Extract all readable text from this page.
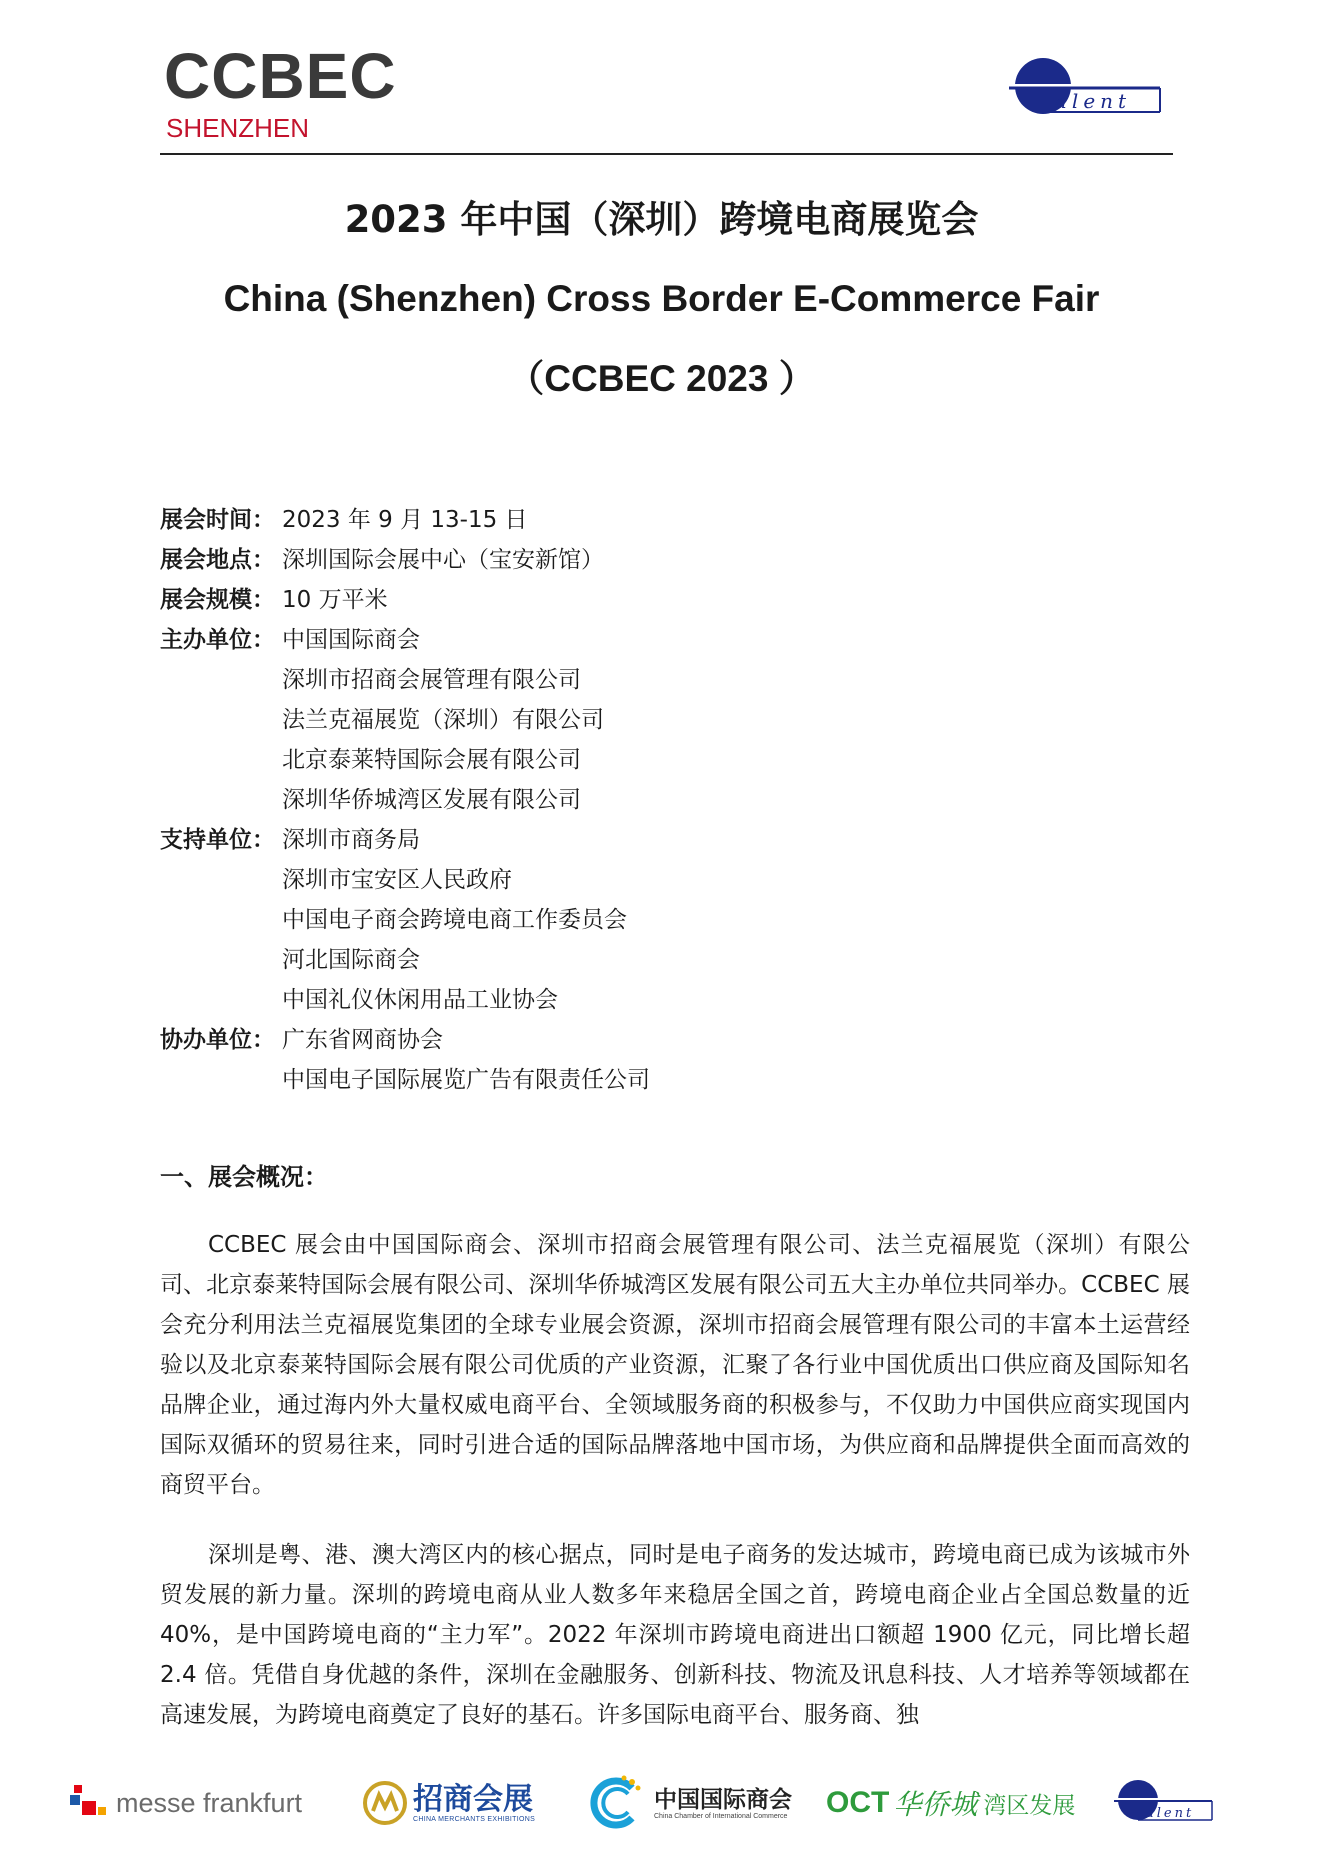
CCBEC
SHENZHEN
alent
2023 年中国（深圳）跨境电商展览会
China (Shenzhen) Cross Border E-Commerce Fair
（CCBEC 2023 ）
展会时间： 2023 年 9 月 13-15 日
展会地点： 深圳国际会展中心（宝安新馆）
展会规模： 10 万平米
主办单位： 中国国际商会
深圳市招商会展管理有限公司
法兰克福展览（深圳）有限公司
北京泰莱特国际会展有限公司
深圳华侨城湾区发展有限公司
支持单位： 深圳市商务局
深圳市宝安区人民政府
中国电子商会跨境电商工作委员会
河北国际商会
中国礼仪休闲用品工业协会
协办单位： 广东省网商协会
中国电子国际展览广告有限责任公司
一、展会概况：
CCBEC 展会由中国国际商会、深圳市招商会展管理有限公司、法兰克福展览（深圳）有限公司、北京泰莱特国际会展有限公司、深圳华侨城湾区发展有限公司五大主办单位共同举办。CCBEC 展会充分利用法兰克福展览集团的全球专业展会资源，深圳市招商会展管理有限公司的丰富本土运营经验以及北京泰莱特国际会展有限公司优质的产业资源，汇聚了各行业中国优质出口供应商及国际知名品牌企业，通过海内外大量权威电商平台、全领域服务商的积极参与，不仅助力中国供应商实现国内国际双循环的贸易往来，同时引进合适的国际品牌落地中国市场，为供应商和品牌提供全面而高效的商贸平台。
深圳是粤、港、澳大湾区内的核心据点，同时是电子商务的发达城市，跨境电商已成为该城市外贸发展的新力量。深圳的跨境电商从业人数多年来稳居全国之首，跨境电商企业占全国总数量的近 40%，是中国跨境电商的“主力军”。2022 年深圳市跨境电商进出口额超 1900 亿元，同比增长超 2.4 倍。凭借自身优越的条件，深圳在金融服务、创新科技、物流及讯息科技、人才培养等领域都在高速发展，为跨境电商奠定了良好的基石。许多国际电商平台、服务商、独
messe frankfurt	招商会展
CHINA MERCHANTS EXHIBITIONS
中国国际商会
China Chamber of International Commerce OCT 华侨城 湾区发展	alent
